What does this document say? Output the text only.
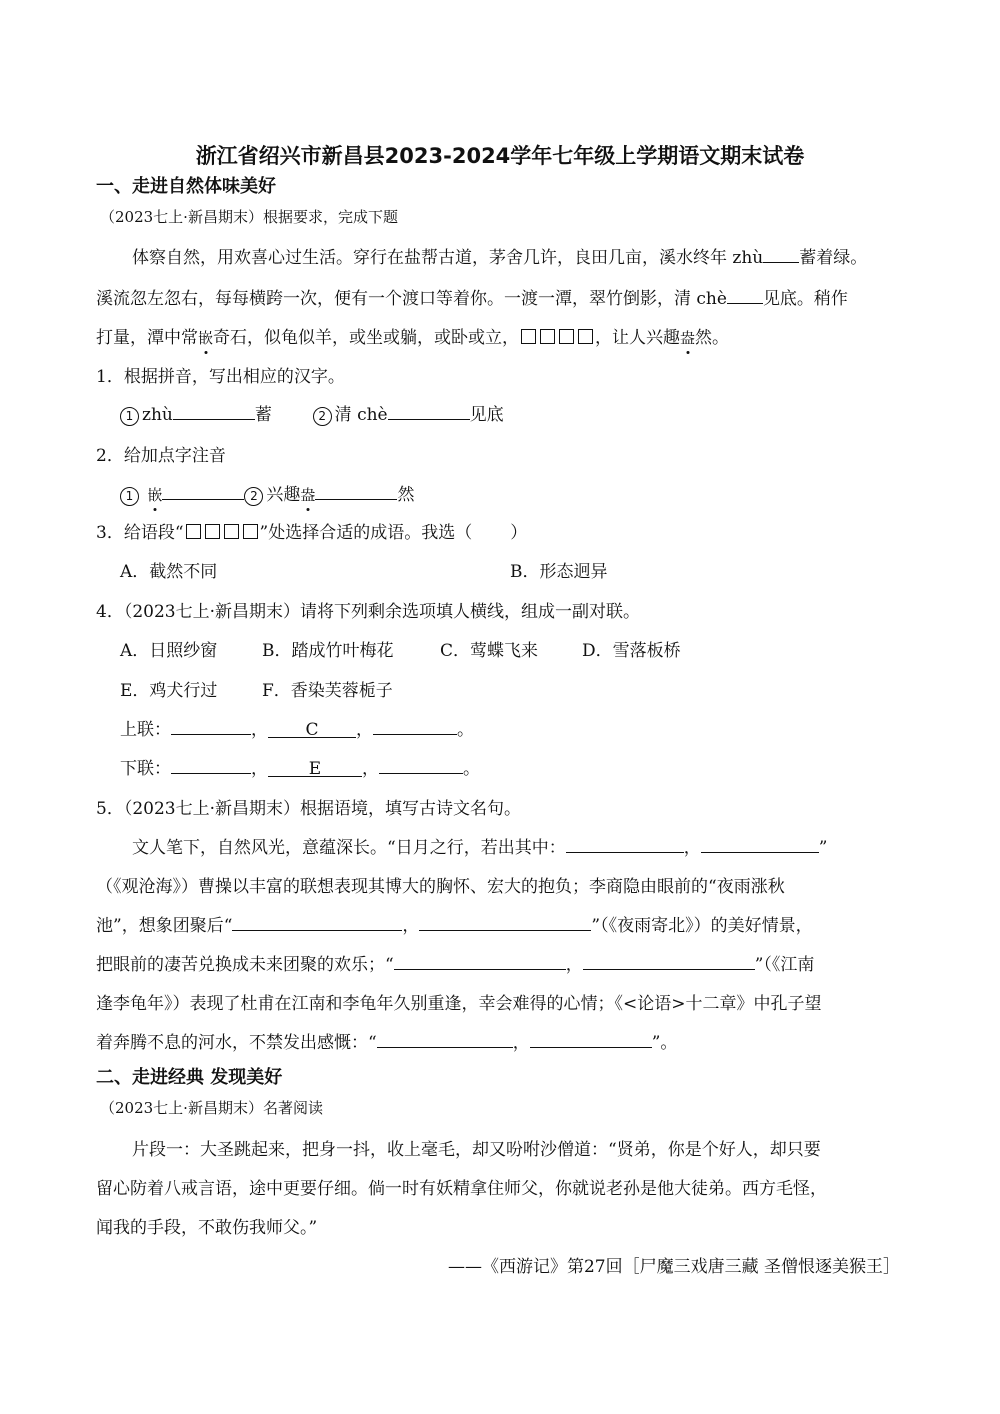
浙江省绍兴市新昌县2023-2024学年七年级上学期语文期末试卷
一、走进自然体味美好
（2023七上·新昌期末）根据要求，完成下题
体察自然，用欢喜心过生活。穿行在盐帮古道，茅舍几许，良田几亩，溪水终年 zhù 蓄着绿。
溪流忽左忽右，每每横跨一次，便有一个渡口等着你。一渡一潭，翠竹倒影，清 chè 见底。稍作
打量，潭中常嵌奇石，似龟似羊，或坐或躺，或卧或立，	，让人兴趣盎然。
1．根据拼音，写出相应的汉字。
1 zhù	蓄	2 清 chè	见底
2．给加点字注音
1 嵌	2 兴趣盎	然
3．给语段“	”处选择合适的成语。我选（ ）
A．截然不同	B．形态迥异
4．（2023七上·新昌期末）请将下列剩余选项填人横线，组成一副对联。
A．日照纱窗	B．踏成竹叶梅花	C．莺蝶飞来	D．雪落板桥
E．鸡犬行过	F．香染芙蓉栀子
上联：	， C ，	。
下联：	， E ，	。
5．（2023七上·新昌期末）根据语境，填写古诗文名句。
文人笔下，自然风光，意蕴深长。“日月之行，若出其中：	，	”
（《观沧海》）曹操以丰富的联想表现其博大的胸怀、宏大的抱负；李商隐由眼前的“夜雨涨秋
池”，想象团聚后“	，	”（《夜雨寄北》）的美好情景，
把眼前的凄苦兑换成未来团聚的欢乐；“	，	”（《江南
逢李龟年》）表现了杜甫在江南和李龟年久别重逢，幸会难得的心情；《<论语>十二章》中孔子望
着奔腾不息的河水，不禁发出感慨：“	，	”。
二、走进经典 发现美好
（2023七上·新昌期末）名著阅读
片段一：大圣跳起来，把身一抖，收上毫毛，却又吩咐沙僧道：“贤弟，你是个好人，却只要
留心防着八戒言语，途中更要仔细。倘一时有妖精拿住师父，你就说老孙是他大徒弟。西方毛怪，
闻我的手段，不敢伤我师父。”
——《西游记》第27回［尸魔三戏唐三藏 圣僧恨逐美猴王］
